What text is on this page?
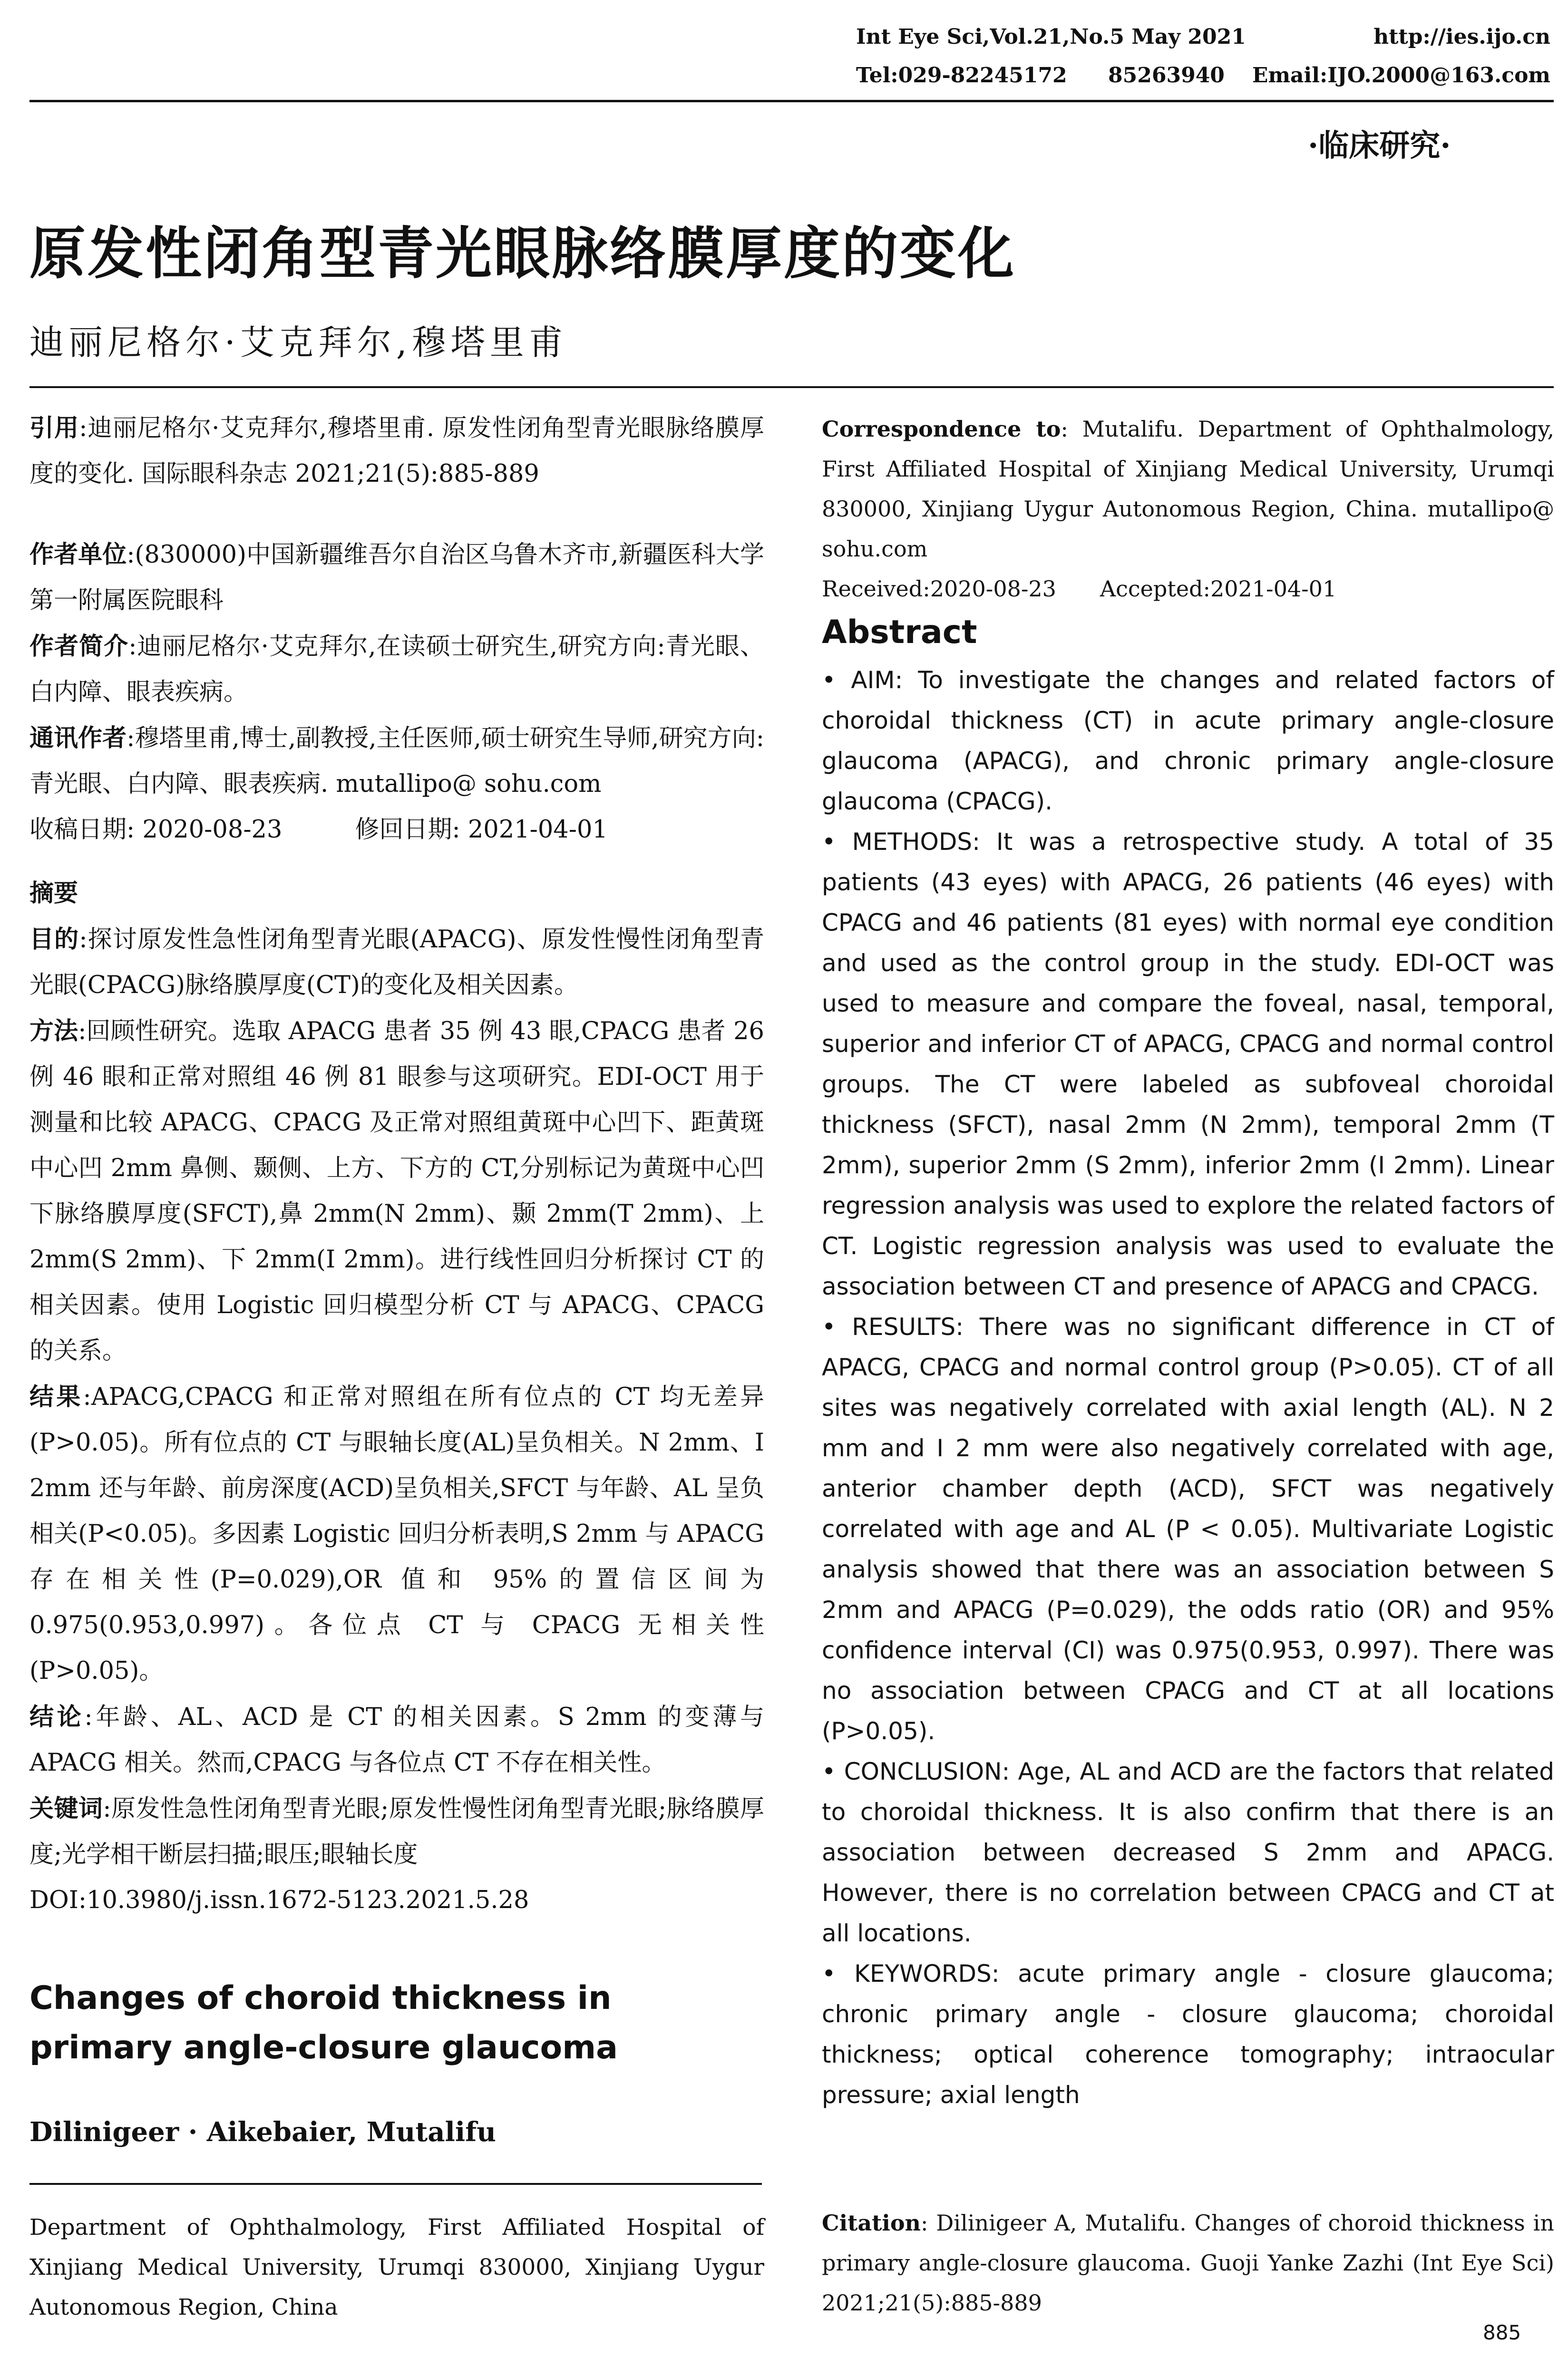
Int Eye Sci,Vol.21,No.5 May 2021	http://ies.ijo.cn
Tel:029-82245172 85263940 Email:IJO.2000@163.com
·临床研究·
原发性闭角型青光眼脉络膜厚度的变化
迪丽尼格尔·艾克拜尔,穆塔里甫

引用:迪丽尼格尔·艾克拜尔,穆塔里甫. 原发性闭角型青光眼脉络膜厚度的变化. 国际眼科杂志 2021;21(5):885-889

作者单位:(830000)中国新疆维吾尔自治区乌鲁木齐市,新疆医科大学第一附属医院眼科

作者简介:迪丽尼格尔·艾克拜尔,在读硕士研究生,研究方向:青光眼、白内障、眼表疾病。

通讯作者:穆塔里甫,博士,副教授,主任医师,硕士研究生导师,研究方向:青光眼、白内障、眼表疾病. mutallipo@ sohu.com

收稿日期: 2020-08-23　　　修回日期: 2021-04-01

摘要

目的:探讨原发性急性闭角型青光眼(APACG)、原发性慢性闭角型青光眼(CPACG)脉络膜厚度(CT)的变化及相关因素。

方法:回顾性研究。选取 APACG 患者 35 例 43 眼,CPACG 患者 26 例 46 眼和正常对照组 46 例 81 眼参与这项研究。EDI-OCT 用于测量和比较 APACG、CPACG 及正常对照组黄斑中心凹下、距黄斑中心凹 2mm 鼻侧、颞侧、上方、下方的 CT,分别标记为黄斑中心凹下脉络膜厚度(SFCT),鼻 2mm(N 2mm)、颞 2mm(T 2mm)、上 2mm(S 2mm)、下 2mm(I 2mm)。进行线性回归分析探讨 CT 的相关因素。使用 Logistic 回归模型分析 CT 与 APACG、CPACG 的关系。

结果:APACG,CPACG 和正常对照组在所有位点的 CT 均无差异(P>0.05)。所有位点的 CT 与眼轴长度(AL)呈负相关。N 2mm、I 2mm 还与年龄、前房深度(ACD)呈负相关,SFCT 与年龄、AL 呈负相关(P<0.05)。多因素 Logistic 回归分析表明,S 2mm 与 APACG 存在相关性(P=0.029),OR 值和 95%的置信区间为 0.975(0.953,0.997)。各位点 CT 与 CPACG 无相关性(P>0.05)。

结论:年龄、AL、ACD 是 CT 的相关因素。S 2mm 的变薄与 APACG 相关。然而,CPACG 与各位点 CT 不存在相关性。

关键词:原发性急性闭角型青光眼;原发性慢性闭角型青光眼;脉络膜厚度;光学相干断层扫描;眼压;眼轴长度

DOI:10.3980/j.issn.1672-5123.2021.5.28

Changes of choroid thickness in primary angle-closure glaucoma
Dilinigeer · Aikebaier, Mutalifu
Department of Ophthalmology, First Affiliated Hospital of Xinjiang Medical University, Urumqi 830000, Xinjiang Uygur Autonomous Region, China
Correspondence to: Mutalifu. Department of Ophthalmology, First Affiliated Hospital of Xinjiang Medical University, Urumqi 830000, Xinjiang Uygur Autonomous Region, China. mutallipo@ sohu.com
Received:2020-08-23　　Accepted:2021-04-01
Abstract

• AIM: To investigate the changes and related factors of choroidal thickness (CT) in acute primary angle-closure glaucoma (APACG), and chronic primary angle-closure glaucoma (CPACG).

• METHODS: It was a retrospective study. A total of 35 patients (43 eyes) with APACG, 26 patients (46 eyes) with CPACG and 46 patients (81 eyes) with normal eye condition and used as the control group in the study. EDI-OCT was used to measure and compare the foveal, nasal, temporal, superior and inferior CT of APACG, CPACG and normal control groups. The CT were labeled as subfoveal choroidal thickness (SFCT), nasal 2mm (N 2mm), temporal 2mm (T 2mm), superior 2mm (S 2mm), inferior 2mm (I 2mm). Linear regression analysis was used to explore the related factors of CT. Logistic regression analysis was used to evaluate the association between CT and presence of APACG and CPACG.

• RESULTS: There was no significant difference in CT of APACG, CPACG and normal control group (P>0.05). CT of all sites was negatively correlated with axial length (AL). N 2 mm and I 2 mm were also negatively correlated with age, anterior chamber depth (ACD), SFCT was negatively correlated with age and AL (P < 0.05). Multivariate Logistic analysis showed that there was an association between S 2mm and APACG (P=0.029), the odds ratio (OR) and 95% confidence interval (CI) was 0.975(0.953, 0.997). There was no association between CPACG and CT at all locations (P>0.05).

• CONCLUSION: Age, AL and ACD are the factors that related to choroidal thickness. It is also confirm that there is an association between decreased S 2mm and APACG. However, there is no correlation between CPACG and CT at all locations.

• KEYWORDS: acute primary angle - closure glaucoma; chronic primary angle - closure glaucoma; choroidal thickness; optical coherence tomography; intraocular pressure; axial length

Citation: Dilinigeer A, Mutalifu. Changes of choroid thickness in primary angle-closure glaucoma. Guoji Yanke Zazhi (Int Eye Sci) 2021;21(5):885-889
885
